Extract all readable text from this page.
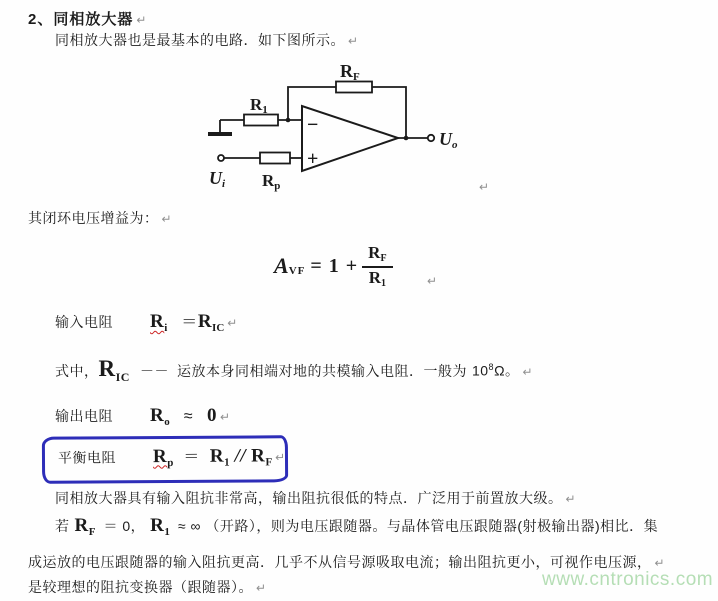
2、同相放大器 ↵
同相放大器也是最基本的电路．如下图所示。 ↵
−
+
RF
R1
Rp
Ui
Uo
↵
其闭环电压增益为： ↵
A VF = $1 + \frac{RF}{R1}$	↵
输入电阻 $R_i = R_{IC}$ ↵
式中， $R_{IC}$ －－ 运放本身同相端对地的共模输入电阻．一般为 $10^8\Omega$。 ↵
输出电阻 $R_o \approx 0$ ↵
平衡电阻 $R_p = R_1 // R_F$ ↵
同相放大器具有输入阻抗非常高，输出阻抗很低的特点．广泛用于前置放大级。 ↵
若 $R_F = 0$， $R_1$ ≈ ∞ （开路），则为电压跟随器。与晶体管电压跟随器(射极输出器)相比．集
成运放的电压跟随器的输入阻抗更高．几乎不从信号源吸取电流；输出阻抗更小，可视作电压源， ↵
是较理想的阻抗变换器（跟随器）。 ↵	www.cntronics.com
